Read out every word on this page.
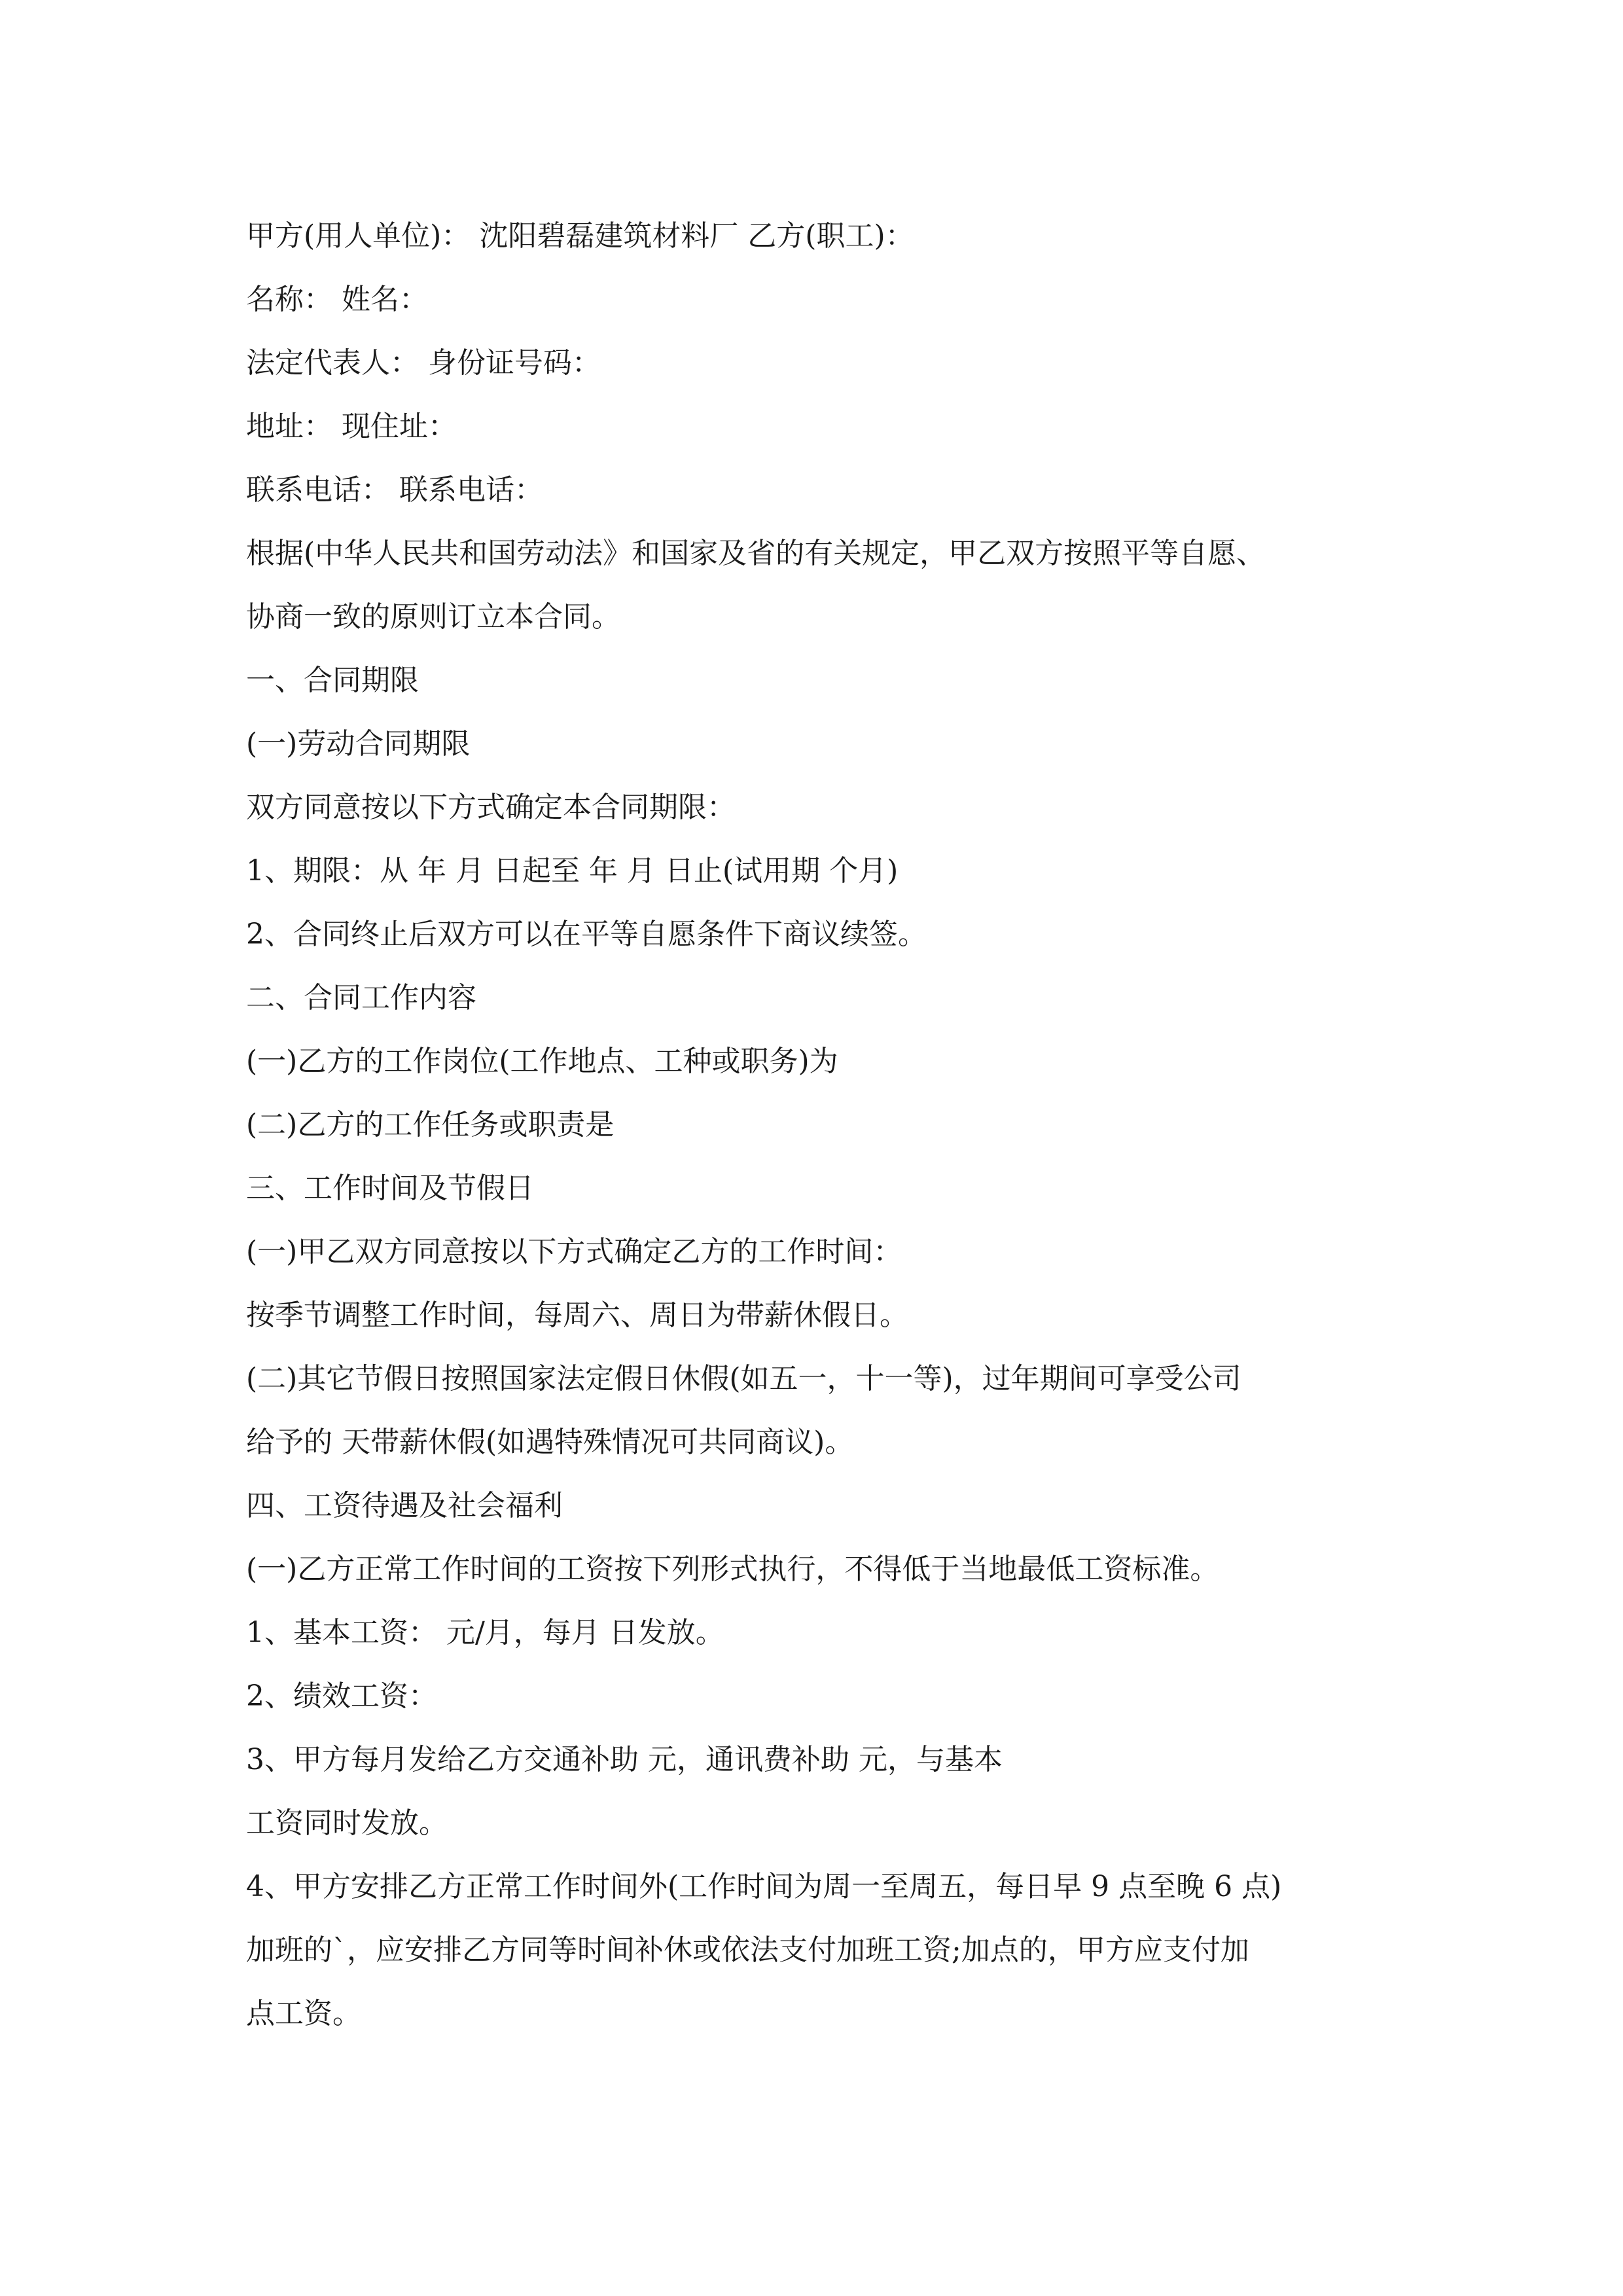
甲方(用人单位)： 沈阳碧磊建筑材料厂 乙方(职工)：
名称： 姓名：
法定代表人： 身份证号码：
地址： 现住址：
联系电话： 联系电话：
根据(中华人民共和国劳动法》和国家及省的有关规定，甲乙双方按照平等自愿、
协商一致的原则订立本合同。
一、合同期限
(一)劳动合同期限
双方同意按以下方式确定本合同期限：
1、期限：从 年 月 日起至 年 月 日止(试用期 个月)
2、合同终止后双方可以在平等自愿条件下商议续签。
二、合同工作内容
(一)乙方的工作岗位(工作地点、工种或职务)为
(二)乙方的工作任务或职责是
三、工作时间及节假日
(一)甲乙双方同意按以下方式确定乙方的工作时间：
按季节调整工作时间，每周六、周日为带薪休假日。
(二)其它节假日按照国家法定假日休假(如五一，十一等)，过年期间可享受公司
给予的 天带薪休假(如遇特殊情况可共同商议)。
四、工资待遇及社会福利
(一)乙方正常工作时间的工资按下列形式执行，不得低于当地最低工资标准。
1、基本工资： 元/月，每月 日发放。
2、绩效工资：
3、甲方每月发给乙方交通补助 元，通讯费补助 元，与基本
工资同时发放。
4、甲方安排乙方正常工作时间外(工作时间为周一至周五，每日早 9 点至晚 6 点)
加班的`，应安排乙方同等时间补休或依法支付加班工资;加点的，甲方应支付加
点工资。
